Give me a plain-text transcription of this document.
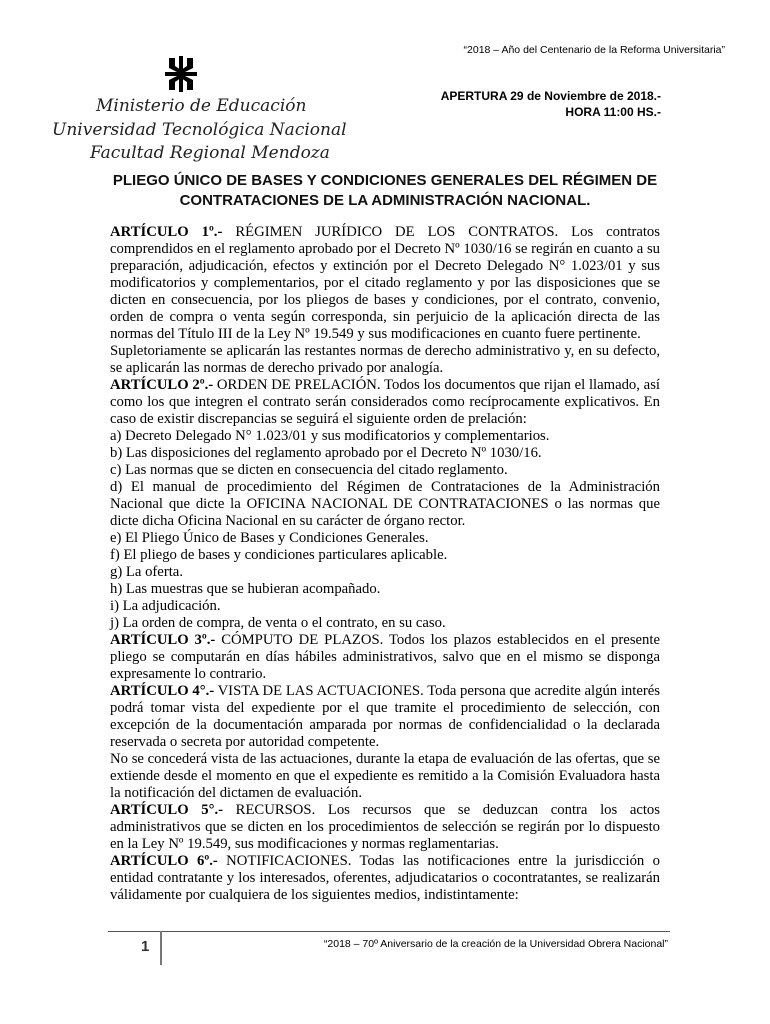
“2018 – Año del Centenario de la Reforma Universitaria”
Ministerio de Educación
Universidad Tecnológica Nacional
Facultad Regional Mendoza
APERTURA 29 de Noviembre de 2018.-
HORA 11:00 HS.-
PLIEGO ÚNICO DE BASES Y CONDICIONES GENERALES DEL RÉGIMEN DE
CONTRATACIONES DE LA ADMINISTRACIÓN NACIONAL.

ARTÍCULO 1º.- RÉGIMEN JURÍDICO DE LOS CONTRATOS. Los contratos comprendidos en el reglamento aprobado por el Decreto Nº 1030/16 se regirán en cuanto a su preparación, adjudicación, efectos y extinción por el Decreto Delegado N° 1.023/01 y sus modificatorios y complementarios, por el citado reglamento y por las disposiciones que se dicten en consecuencia, por los pliegos de bases y condiciones, por el contrato, convenio, orden de compra o venta según corresponda, sin perjuicio de la aplicación directa de las normas del Título III de la Ley Nº 19.549 y sus modificaciones en cuanto fuere pertinente.

Supletoriamente se aplicarán las restantes normas de derecho administrativo y, en su defecto, se aplicarán las normas de derecho privado por analogía.

ARTÍCULO 2º.- ORDEN DE PRELACIÓN. Todos los documentos que rijan el llamado, así como los que integren el contrato serán considerados como recíprocamente explicativos. En caso de existir discrepancias se seguirá el siguiente orden de prelación:

a) Decreto Delegado N° 1.023/01 y sus modificatorios y complementarios.

b) Las disposiciones del reglamento aprobado por el Decreto Nº 1030/16.

c) Las normas que se dicten en consecuencia del citado reglamento.

d) El manual de procedimiento del Régimen de Contrataciones de la Administración Nacional que dicte la OFICINA NACIONAL DE CONTRATACIONES o las normas que dicte dicha Oficina Nacional en su carácter de órgano rector.

e) El Pliego Único de Bases y Condiciones Generales.

f) El pliego de bases y condiciones particulares aplicable.

g) La oferta.

h) Las muestras que se hubieran acompañado.

i) La adjudicación.

j) La orden de compra, de venta o el contrato, en su caso.

ARTÍCULO 3º.- CÓMPUTO DE PLAZOS. Todos los plazos establecidos en el presente pliego se computarán en días hábiles administrativos, salvo que en el mismo se disponga expresamente lo contrario.

ARTÍCULO 4°.- VISTA DE LAS ACTUACIONES. Toda persona que acredite algún interés podrá tomar vista del expediente por el que tramite el procedimiento de selección, con excepción de la documentación amparada por normas de confidencialidad o la declarada reservada o secreta por autoridad competente.

No se concederá vista de las actuaciones, durante la etapa de evaluación de las ofertas, que se extiende desde el momento en que el expediente es remitido a la Comisión Evaluadora hasta la notificación del dictamen de evaluación.

ARTÍCULO 5°.- RECURSOS. Los recursos que se deduzcan contra los actos administrativos que se dicten en los procedimientos de selección se regirán por lo dispuesto en la Ley Nº 19.549, sus modificaciones y normas reglamentarias.

ARTÍCULO 6º.- NOTIFICACIONES. Todas las notificaciones entre la jurisdicción o entidad contratante y los interesados, oferentes, adjudicatarios o cocontratantes, se realizarán válidamente por cualquiera de los siguientes medios, indistintamente:

1	“2018 – 70º Aniversario de la creación de la Universidad Obrera Nacional”
